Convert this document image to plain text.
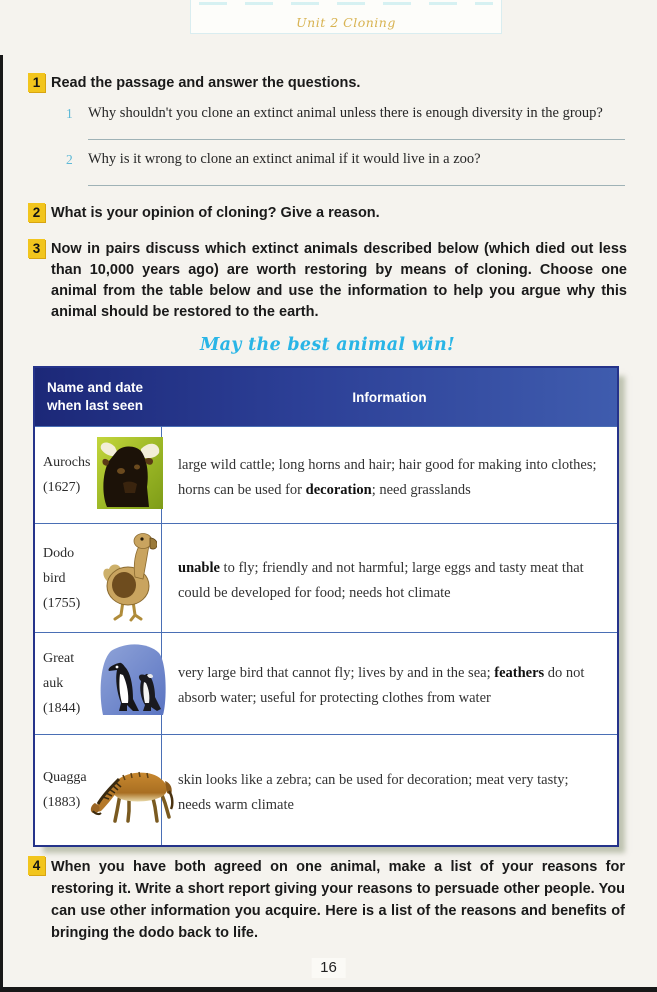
Unit 2 Cloning
1 Read the passage and answer the questions.
1	Why shouldn't you clone an extinct animal unless there is enough diversity in the group?
2	Why is it wrong to clone an extinct animal if it would live in a zoo?
2 What is your opinion of cloning? Give a reason.
3 Now in pairs discuss which extinct animals described below (which died out less than 10,000 years ago) are worth restoring by means of cloning. Choose one animal from the table below and use the information to help you argue why this animal should be restored to the earth.
May the best animal win!
Name and date when last seen
Information
Aurochs
(1627)
large wild cattle; long horns and hair; hair good for making into clothes; horns can be used for decoration; need grasslands
Dodo bird
(1755)
unable to fly; friendly and not harmful; large eggs and tasty meat that could be developed for food; needs hot climate
Great auk
(1844)
very large bird that cannot fly; lives by and in the sea; feathers do not absorb water; useful for protecting clothes from water
Quagga
(1883)
skin looks like a zebra; can be used for decoration; meat very tasty; needs warm climate
4 When you have both agreed on one animal, make a list of your reasons for restoring it. Write a short report giving your reasons to persuade other people. You can use other information you acquire. Here is a list of the reasons and benefits of bringing the dodo back to life.
16
